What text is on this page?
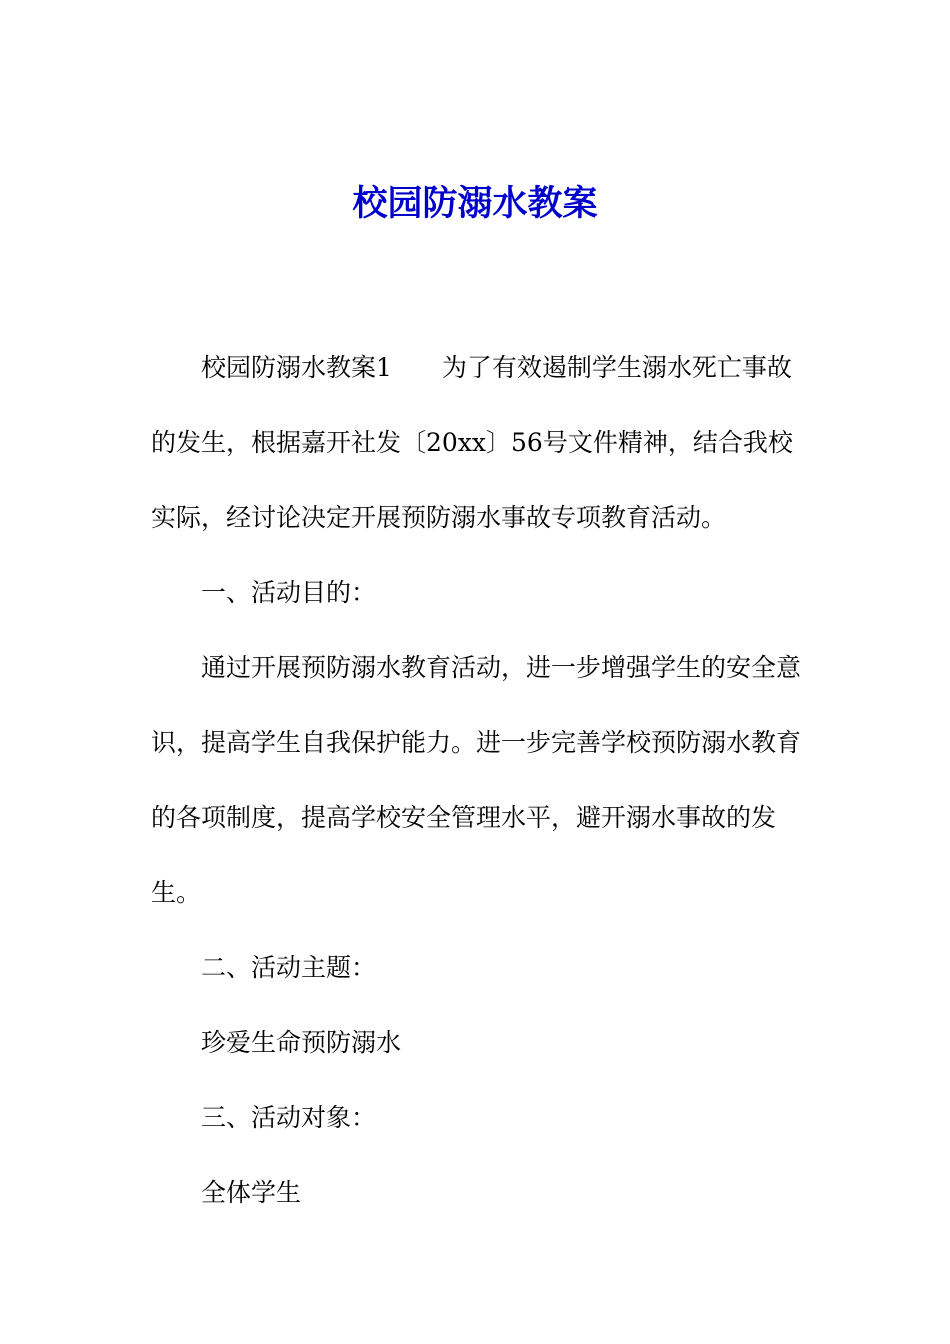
校园防溺水教案

校园防溺水教案1 为了有效遏制学生溺水死亡事故的发生，根据嘉开社发〔20xx〕56号文件精神，结合我校实际，经讨论决定开展预防溺水事故专项教育活动。

一、活动目的：

通过开展预防溺水教育活动，进一步增强学生的安全意识，提高学生自我保护能力。进一步完善学校预防溺水教育的各项制度，提高学校安全管理水平，避开溺水事故的发生。

二、活动主题：

珍爱生命预防溺水

三、活动对象：

全体学生
